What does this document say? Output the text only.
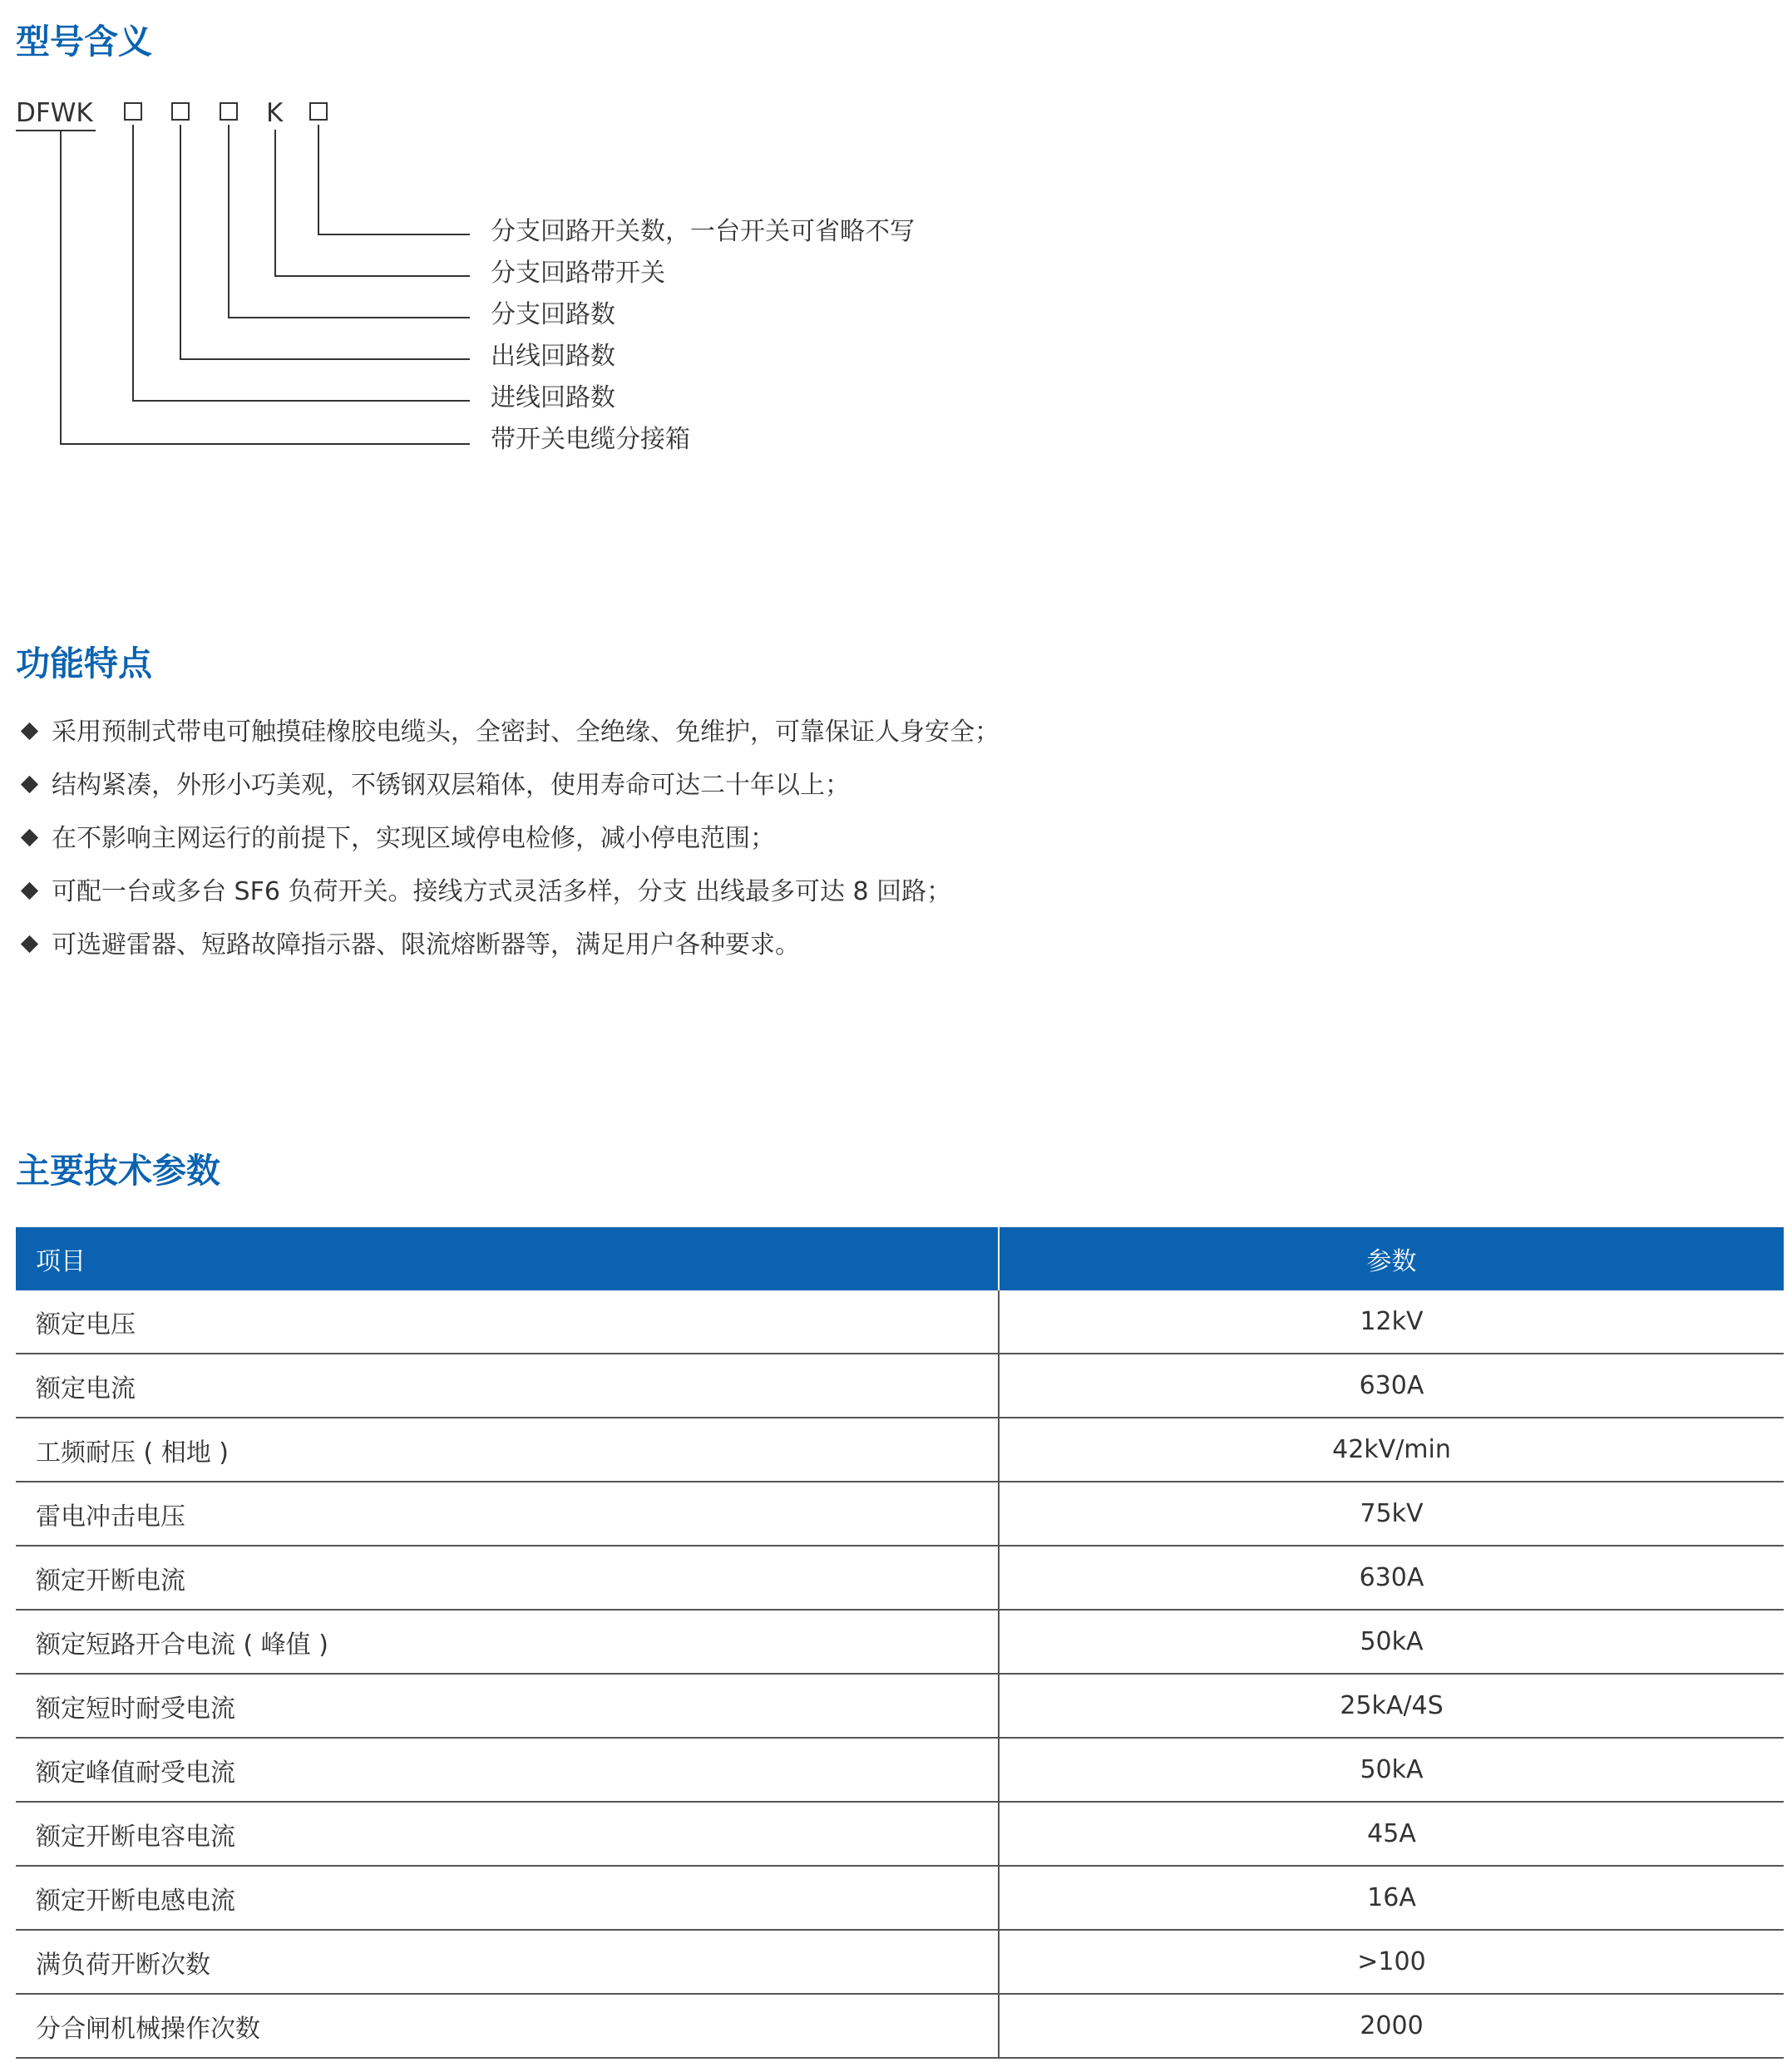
型号含义
DFWK	K
分支回路开关数，一台开关可省略不写
分支回路带开关
分支回路数
出线回路数
进线回路数
带开关电缆分接箱
功能特点
采用预制式带电可触摸硅橡胶电缆头，全密封、全绝缘、免维护，可靠保证人身安全；
结构紧凑，外形小巧美观，不锈钢双层箱体，使用寿命可达二十年以上；
在不影响主网运行的前提下，实现区域停电检修，减小停电范围；
可配一台或多台 SF6 负荷开关。接线方式灵活多样，分支 出线最多可达 8 回路；
可选避雷器、短路故障指示器、限流熔断器等，满足用户各种要求。
主要技术参数
项目	参数
额定电压	12kV
额定电流	630A
工频耐压 ( 相地 )	42kV/min
雷电冲击电压	75kV
额定开断电流	630A
额定短路开合电流 ( 峰值 )	50kA
额定短时耐受电流	25kA/4S
额定峰值耐受电流	50kA
额定开断电容电流	45A
额定开断电感电流	16A
满负荷开断次数	>100
分合闸机械操作次数	2000
